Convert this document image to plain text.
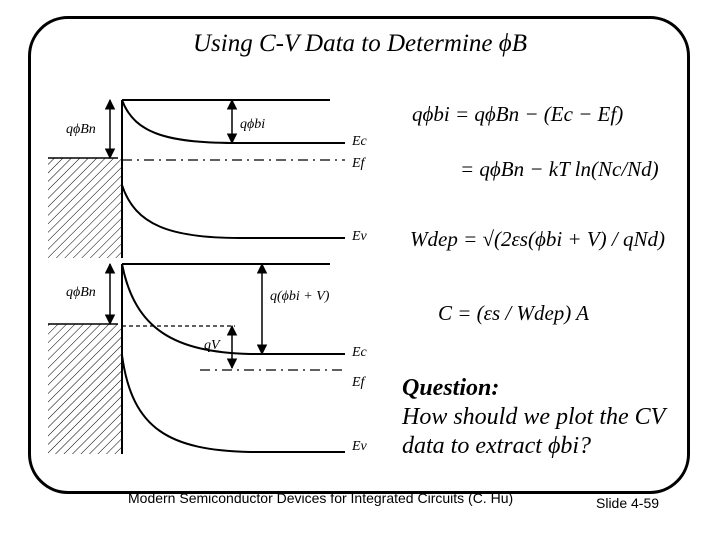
Using C-V Data to Determine ϕB
qϕBn	qϕbi
Ec
Ef
Ev
qϕBn	q(ϕbi + V)
qV	Ec
Ef
Ev
qϕbi = qϕBn − (Ec − Ef)
= qϕBn − kT ln(Nc/Nd)
Wdep = √(2εs(ϕbi + V) / qNd)
C = (εs / Wdep) A
Question:
How should we plot the CV
data to extract ϕbi?
Modern Semiconductor Devices for Integrated Circuits (C. Hu)	Slide 4-59
